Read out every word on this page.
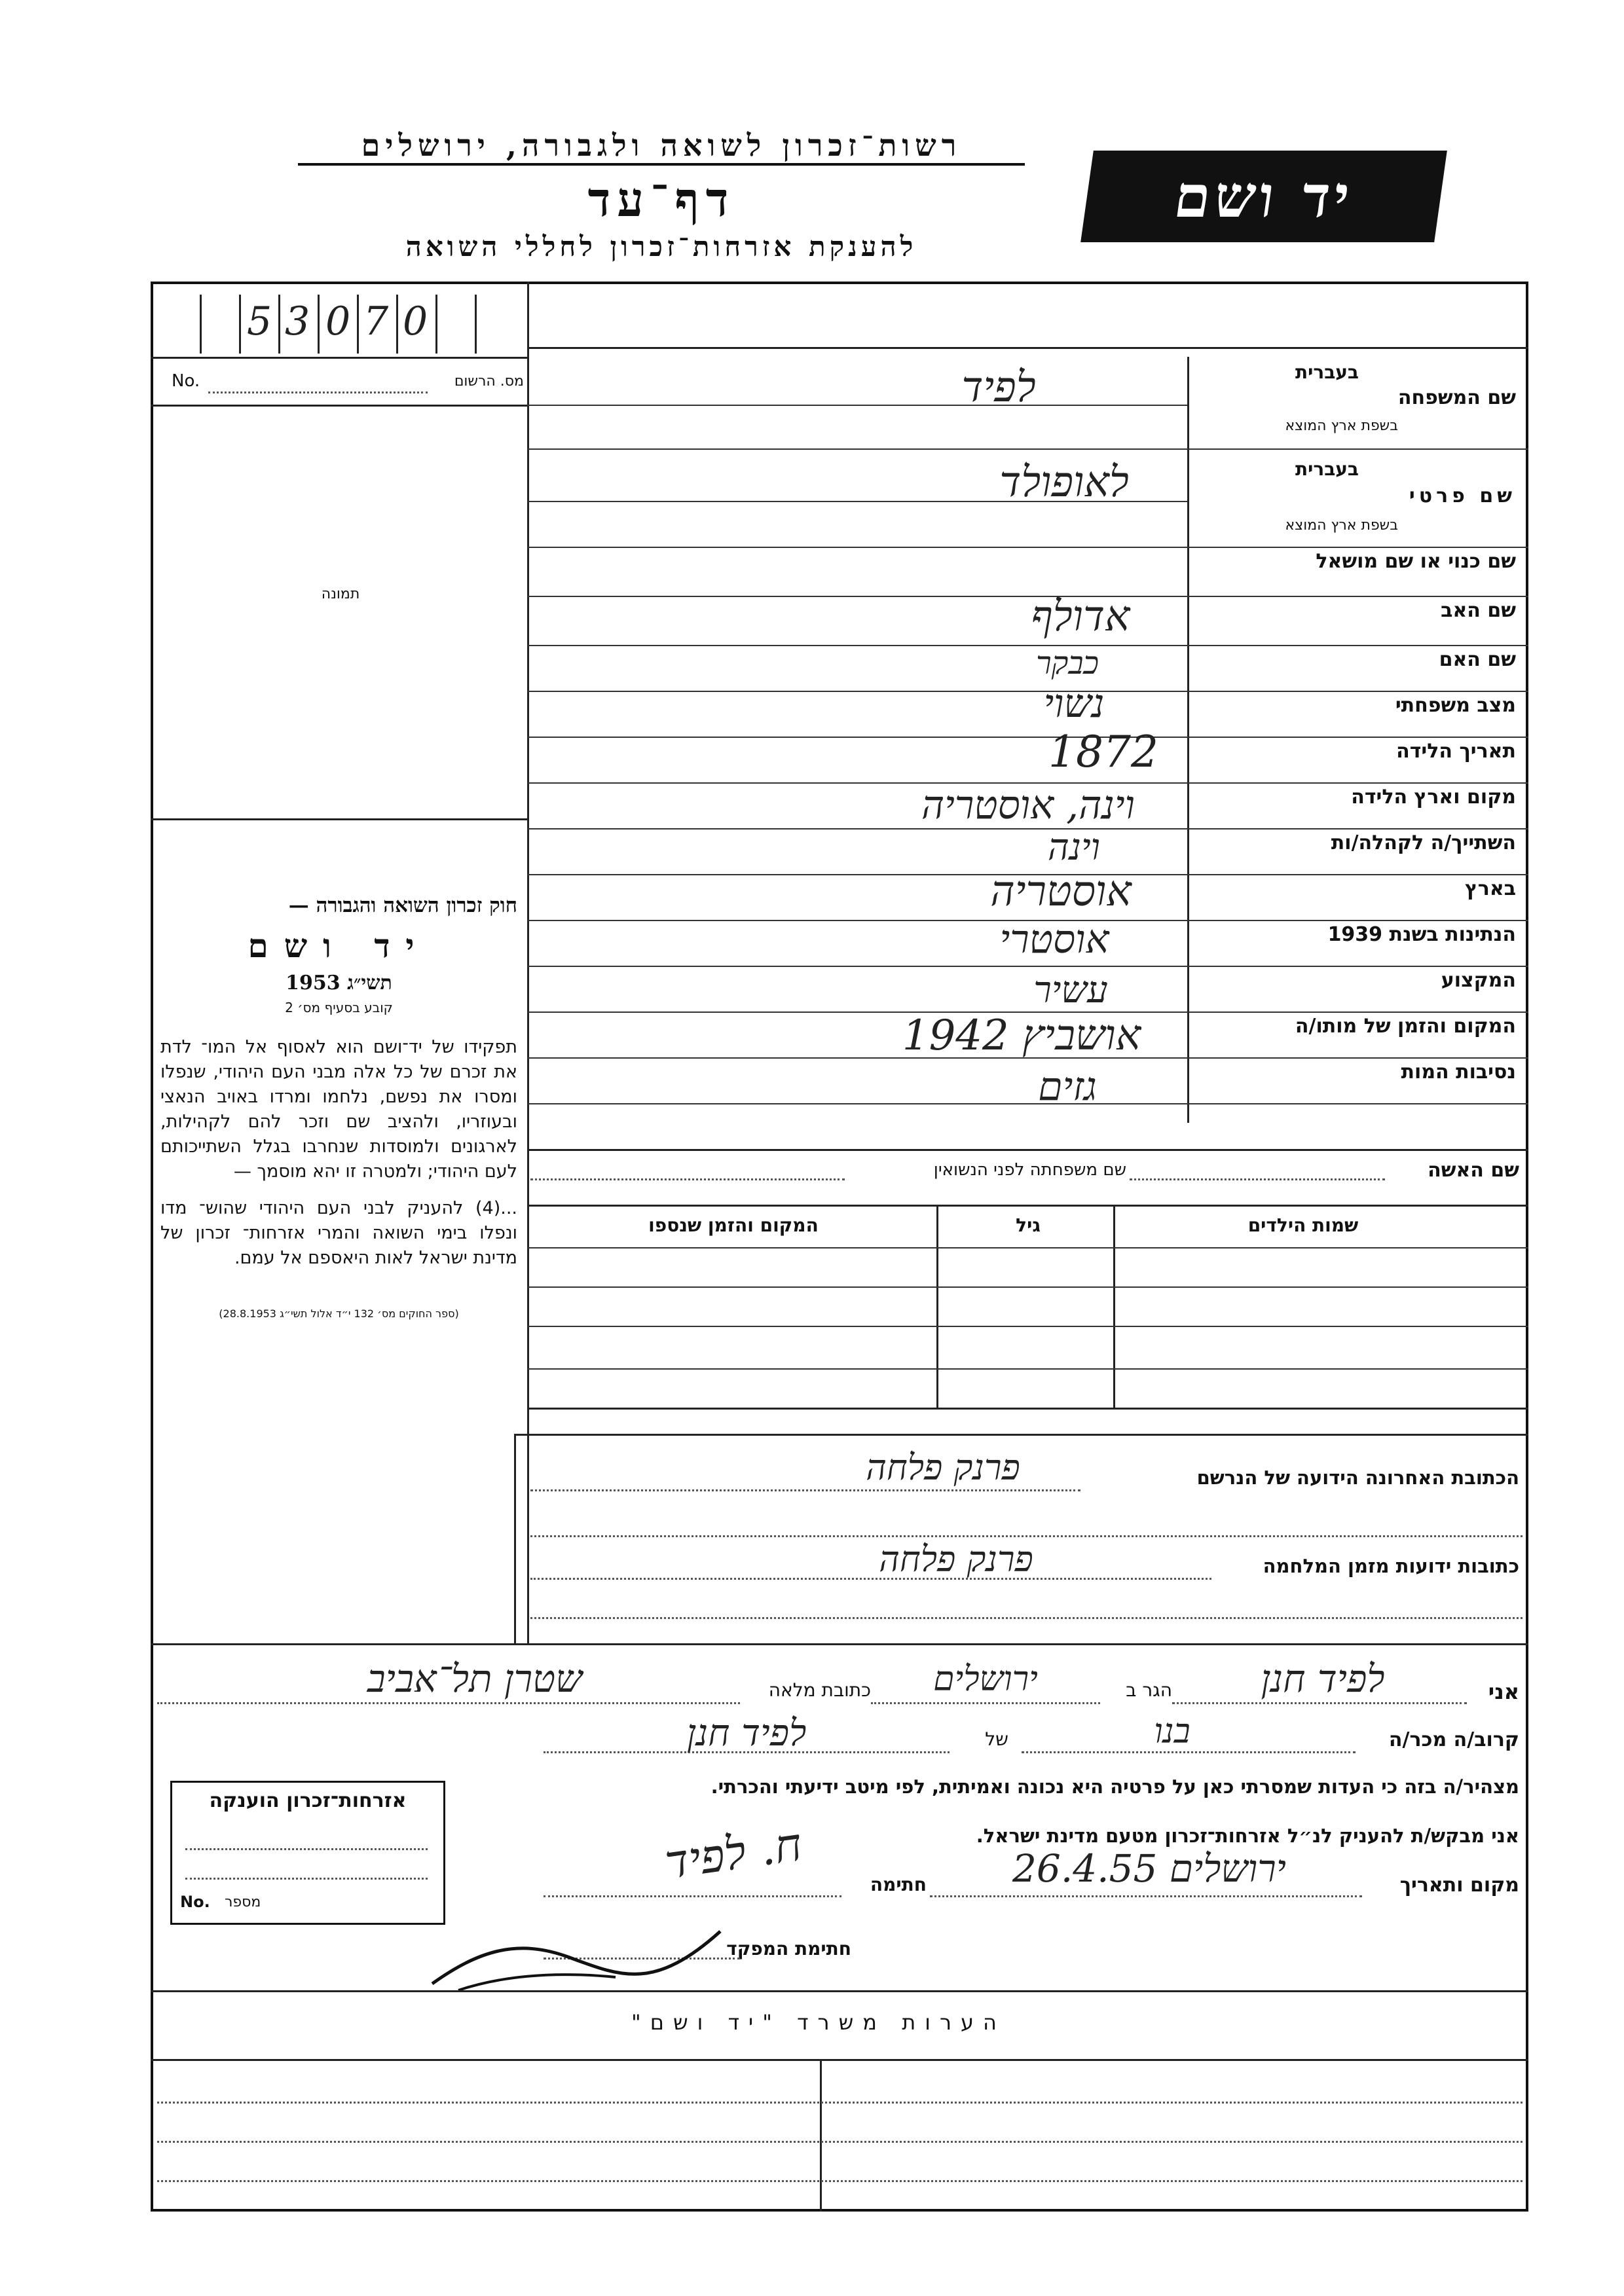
רשות־זכרון לשואה ולגבורה, ירושלים
דף־עד
להענקת אזרחות־זכרון לחללי השואה
יד ושם
5 3 0 7 0
No.	מס. הרשום
תמונה
חוק זכרון השואה והגבורה —
יד ושם
תשי״ג 1953
קובע בסעיף מס׳ 2
תפקידו של יד־ושם הוא לאסוף אל המו־ לדת את זכרם של כל אלה מבני העם היהודי, שנפלו ומסרו את נפשם, נלחמו ומרדו באויב הנאצי ובעוזריו, ולהציב שם וזכר להם לקהילות, לארגונים ולמוסדות שנחרבו בגלל השתייכותם לעם היהודי; ולמטרה זו יהא מוסמך —
...(4) להעניק לבני העם היהודי שהוש־ מדו ונפלו בימי השואה והמרי אזרחות־ זכרון של מדינת ישראל לאות היאספם אל עמם.
(ספר החוקים מס׳ 132 י״ד אלול תשי״ג 28.8.1953)
בעברית
שם המשפחה
בשפת ארץ המוצא
בעברית
שם פרטי
בשפת ארץ המוצא
שם כנוי או שם מושאל
שם האב
שם האם
מצב משפחתי
תאריך הלידה
מקום וארץ הלידה
השתייך/ה לקהלה/ות
בארץ
הנתינות בשנת 1939
המקצוע
המקום והזמן של מותו/ה
נסיבות המות
לפיד
לאופולד
אדולף
כבקר
נשוי
1872
וינה, אוסטריה
וינה
אוסטריה
אוסטרי
עשיר
אושביץ 1942
גזים
שם האשה
שם משפחתה לפני הנשואין
שמות הילדים
גיל
המקום והזמן שנספו
הכתובת האחרונה הידועה של הנרשם
פרנק פלחה
כתובות ידועות מזמן המלחמה
פרנק פלחה
אני
לפיד חנן
הגר ב
ירושלים
כתובת מלאה
שטרן תל־אביב
קרוב/ה מכר/ה
בנו
של
לפיד חנן
מצהיר/ה בזה כי העדות שמסרתי כאן על פרטיה היא נכונה ואמיתית, לפי מיטב ידיעתי והכרתי.
אני מבקש/ת להעניק לנ״ל אזרחות־זכרון מטעם מדינת ישראל.
מקום ותאריך
ירושלים 26.4.55
חתימה
ח. לפיד
חתימת המפקד
אזרחות־זכרון הוענקה
No. מספר
הערות משרד "יד ושם"
